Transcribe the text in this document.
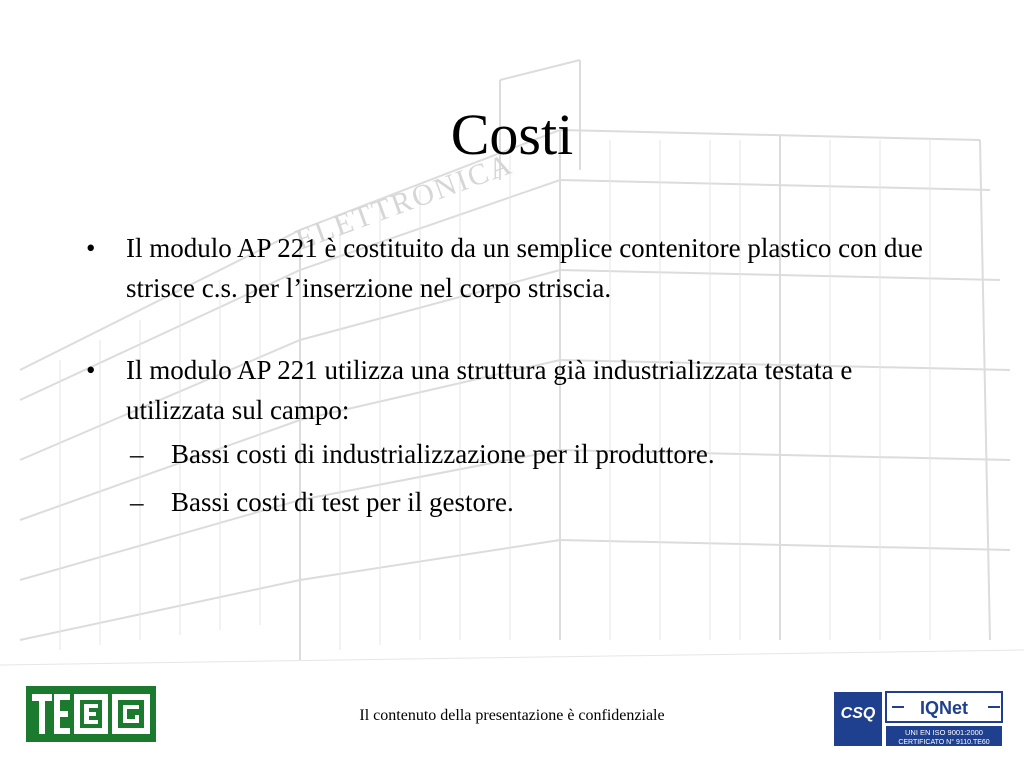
ELETTRONICA
Costi
• Il modulo AP 221 è costituito da un semplice contenitore plastico con due strisce c.s. per l’inserzione nel corpo striscia.
• Il modulo AP 221 utilizza una struttura già industrializzata testata e utilizzata sul campo:
– Bassi costi di industrializzazione per il produttore.
– Bassi costi di test per il gestore.
Il contenuto della presentazione è confidenziale	CSQ IQNet
UNI EN ISO 9001:2000
CERTIFICATO N° 9110.TE60
